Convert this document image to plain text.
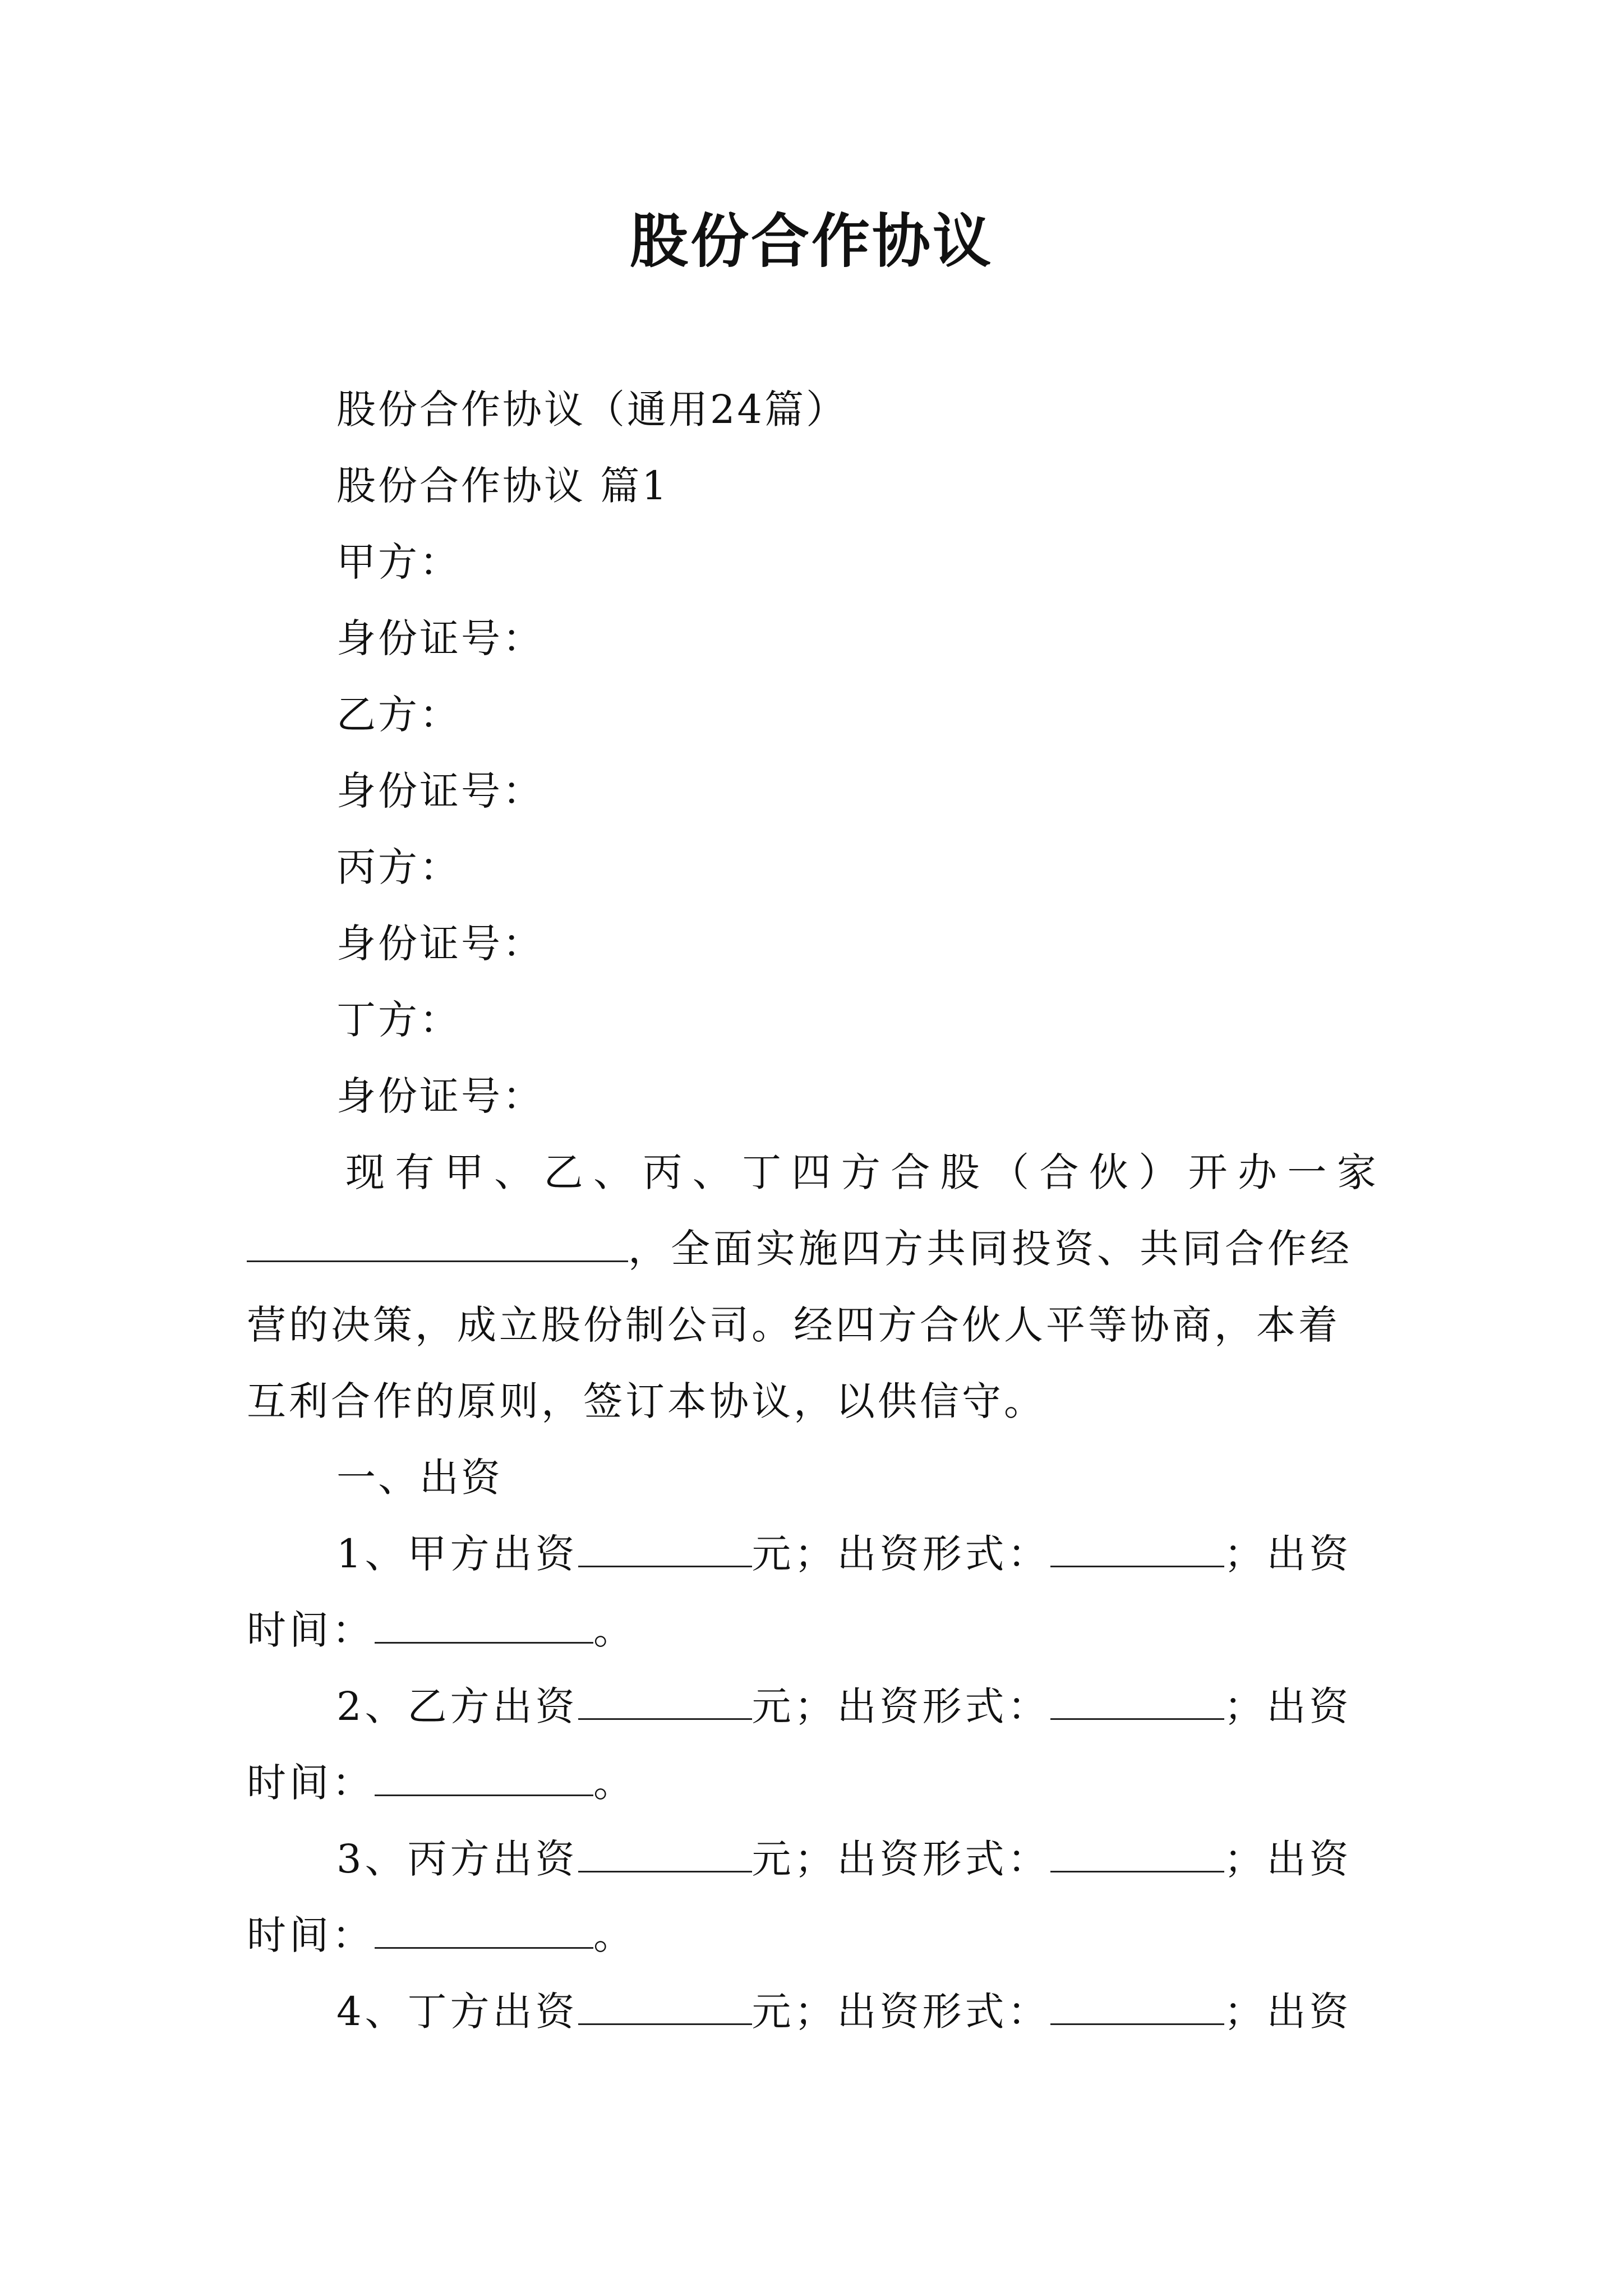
股份合作协议
股份合作协议（通用24篇）
股份合作协议 篇1
甲方：
身份证号：
乙方：
身份证号：
丙方：
身份证号：
丁方：
身份证号：
现 有 甲 、 乙 、 丙 、 丁 四 方 合 股 （ 合 伙 ） 开 办 一 家
，全面实施四方共同投资、共同合作经
营的决策，成立股份制公司。经四方合伙人平等协商，本着
互利合作的原则，签订本协议，以供信守。
一、出资
1、甲方出资	元；出资形式：	；出资
时间：	。
2、乙方出资	元；出资形式：	；出资
时间：	。
3、丙方出资	元；出资形式：	；出资
时间：	。
4、丁方出资	元；出资形式：	；出资
